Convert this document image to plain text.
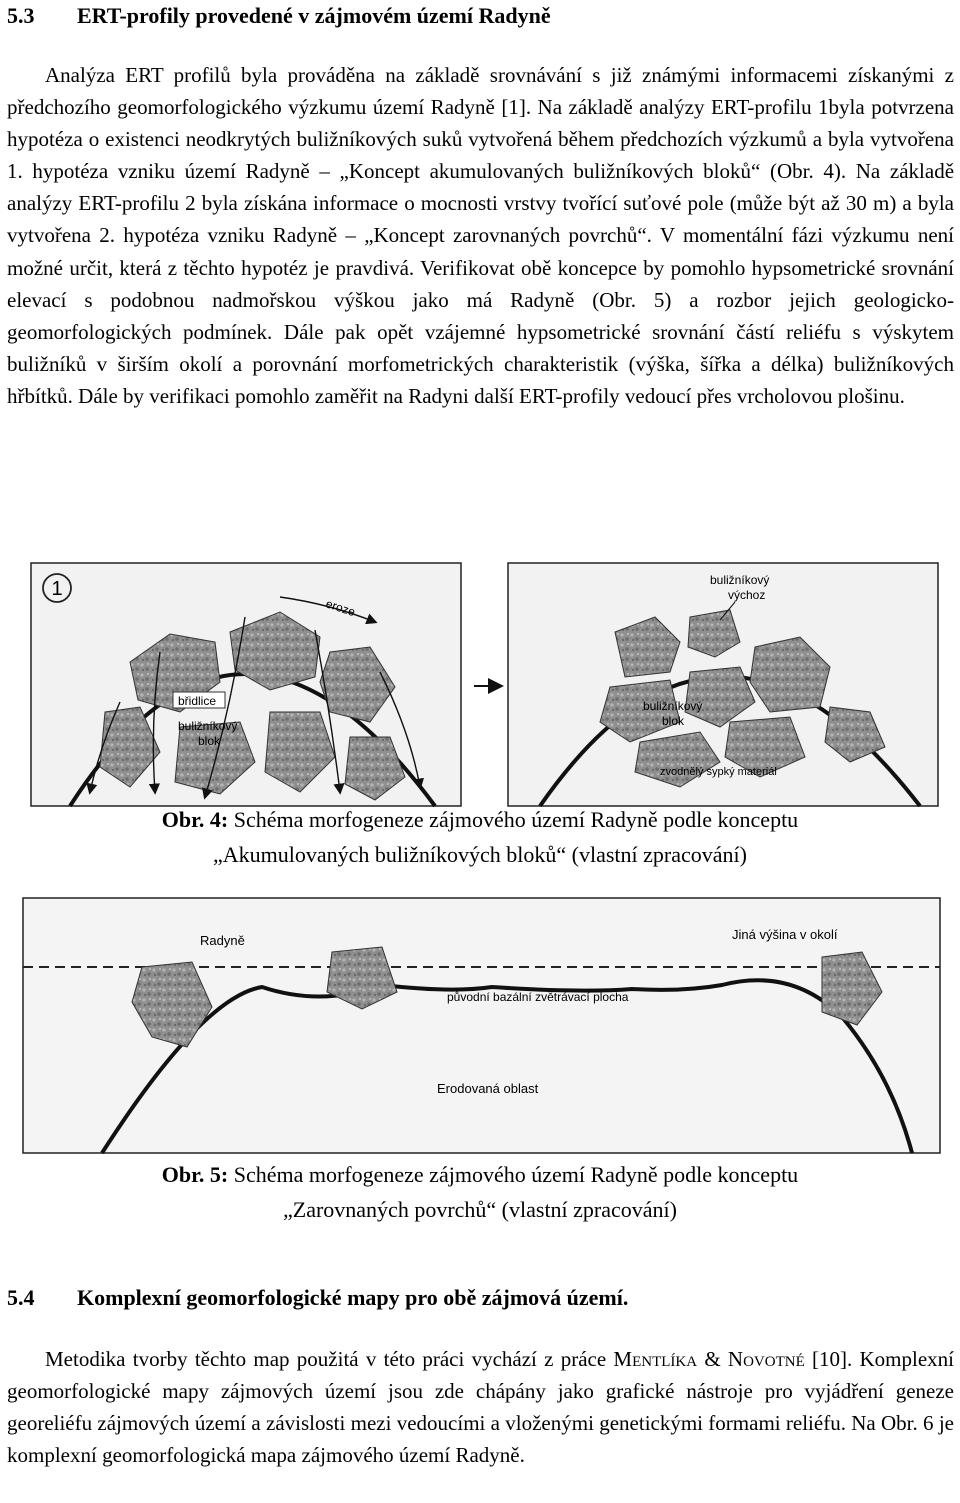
5.3 ERT-profily provedené v zájmovém území Radyně

Analýza ERT profilů byla prováděna na základě srovnávání s již známými informacemi získanými z předchozího geomorfologického výzkumu území Radyně [1]. Na základě analýzy ERT-profilu 1byla potvrzena hypotéza o existenci neodkrytých buližníkových suků vytvořená během předchozích výzkumů a byla vytvořena 1. hypotéza vzniku území Radyně – „Koncept akumulovaných buližníkových bloků“ (Obr. 4). Na základě analýzy ERT-profilu 2 byla získána informace o mocnosti vrstvy tvořící suťové pole (může být až 30 m) a byla vytvořena 2. hypotéza vzniku Radyně – „Koncept zarovnaných povrchů“. V momentální fázi výzkumu není možné určit, která z těchto hypotéz je pravdivá. Verifikovat obě koncepce by pomohlo hypsometrické srovnání elevací s podobnou nadmořskou výškou jako má Radyně (Obr. 5) a rozbor jejich geologicko-geomorfologických podmínek. Dále pak opět vzájemné hypsometrické srovnání částí reliéfu s výskytem buližníků v širším okolí a porovnání morfometrických charakteristik (výška, šířka a délka) buližníkových hřbítků. Dále by verifikaci pomohlo zaměřit na Radyni další ERT-profily vedoucí přes vrcholovou plošinu.

1
eroze
břidlice
buližníkový
blok
buližníkový
výchoz
buližníkový
blok
zvodnělý sypký materiál

Obr. 4: Schéma morfogeneze zájmového území Radyně podle konceptu
„Akumulovaných buližníkových bloků“ (vlastní zpracování)

Radyně	Jiná výšina v okolí
původní bazální zvětrávací plocha
Erodovaná oblast

Obr. 5: Schéma morfogeneze zájmového území Radyně podle konceptu
„Zarovnaných povrchů“ (vlastní zpracování)

5.4 Komplexní geomorfologické mapy pro obě zájmová území.

Metodika tvorby těchto map použitá v této práci vychází z práce Mentlíka & Novotné [10]. Komplexní geomorfologické mapy zájmových území jsou zde chápány jako grafické nástroje pro vyjádření geneze georeliéfu zájmových území a závislosti mezi vedoucími a vloženými genetickými formami reliéfu. Na Obr. 6 je komplexní geomorfologická mapa zájmového území Radyně.
